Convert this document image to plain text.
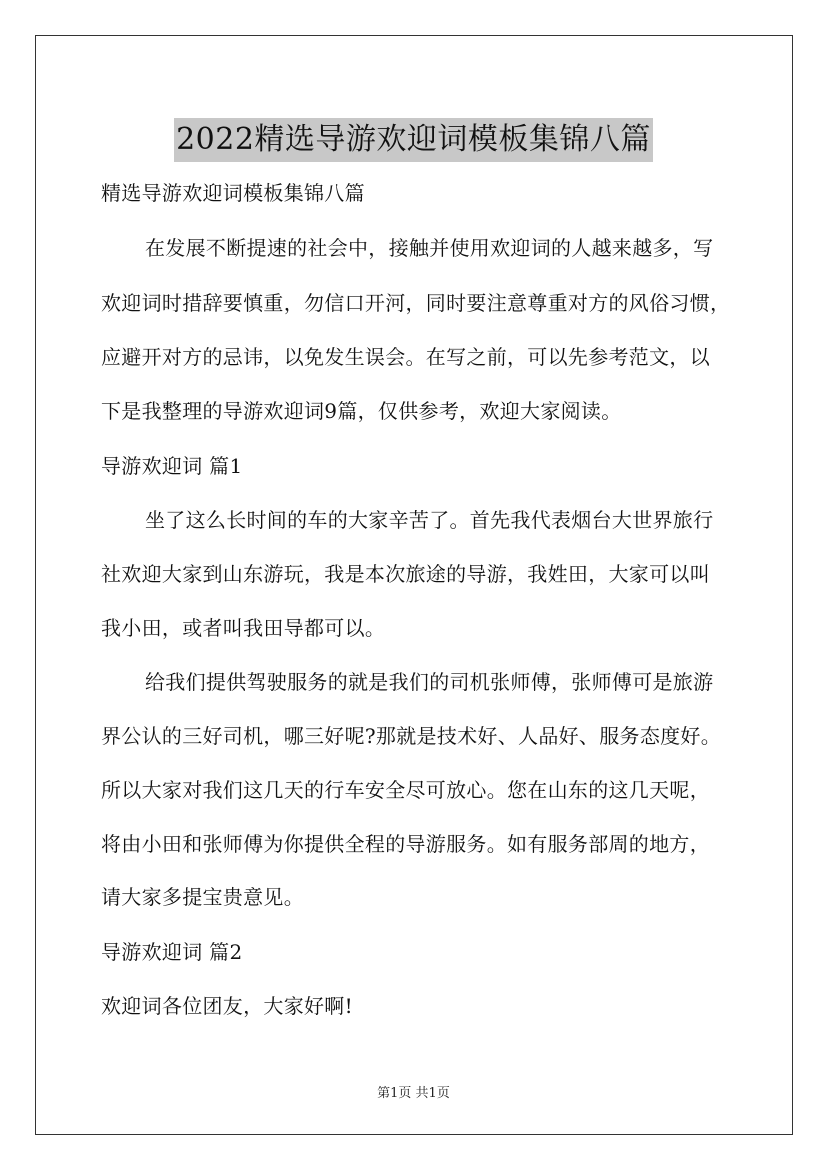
2022精选导游欢迎词模板集锦八篇
精选导游欢迎词模板集锦八篇
在发展不断提速的社会中，接触并使用欢迎词的人越来越多，写
欢迎词时措辞要慎重，勿信口开河，同时要注意尊重对方的风俗习惯，
应避开对方的忌讳，以免发生误会。在写之前，可以先参考范文，以
下是我整理的导游欢迎词9篇，仅供参考，欢迎大家阅读。
导游欢迎词 篇1
坐了这么长时间的车的大家辛苦了。首先我代表烟台大世界旅行
社欢迎大家到山东游玩，我是本次旅途的导游，我姓田，大家可以叫
我小田，或者叫我田导都可以。
给我们提供驾驶服务的就是我们的司机张师傅，张师傅可是旅游
界公认的三好司机，哪三好呢?那就是技术好、人品好、服务态度好。
所以大家对我们这几天的行车安全尽可放心。您在山东的这几天呢，
将由小田和张师傅为你提供全程的导游服务。如有服务部周的地方，
请大家多提宝贵意见。
导游欢迎词 篇2
欢迎词各位团友，大家好啊!
第1页 共1页
